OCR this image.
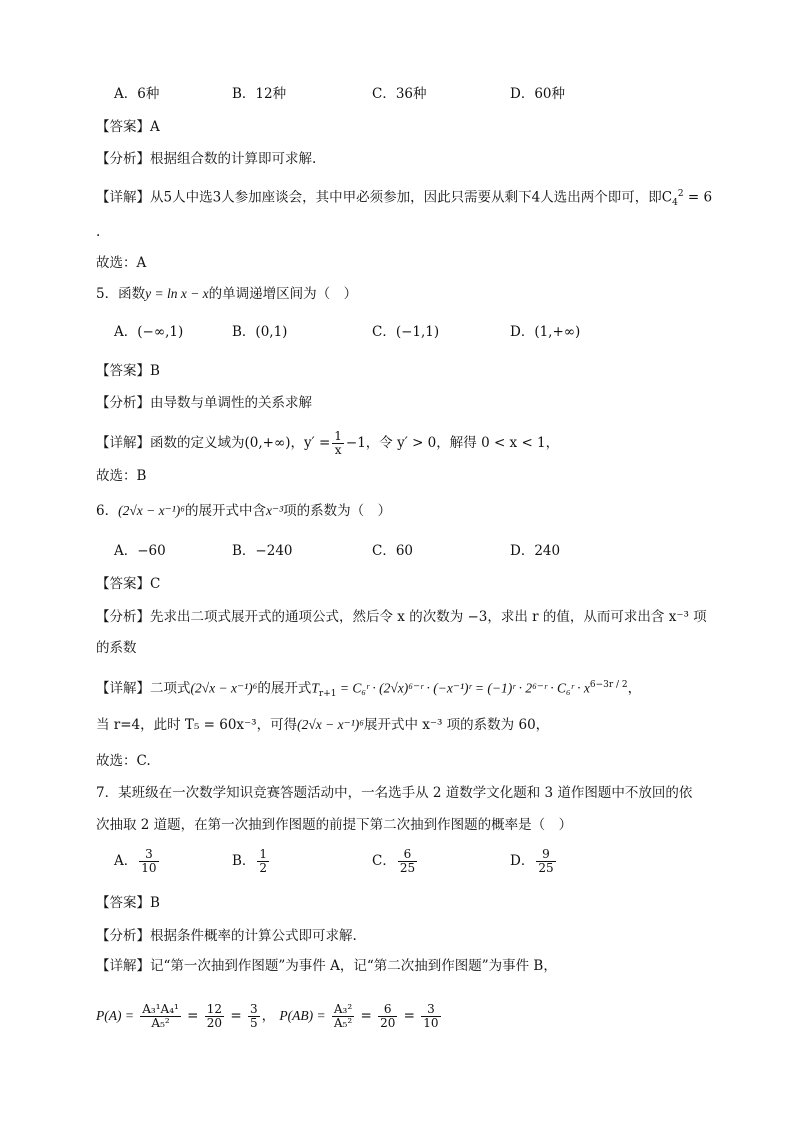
A．6种	B．12种	C．36种	D．60种
【答案】A
【分析】根据组合数的计算即可求解.
【详解】从5人中选3人参加座谈会，其中甲必须参加，因此只需要从剩下4人选出两个即可，即$C_4^2 = 6$
.
故选：A
5．函数y = ln x − x的单调递增区间为（　）
A．(−∞,1)	B．(0,1)	C．(−1,1)	D．(1,+∞)
【答案】B
【分析】由导数与单调性的关系求解
【详解】函数的定义域为(0,+∞)，$y' = \frac{1}{x} -1$，令 y′ > 0，解得 0 < x < 1，
故选：B
6．(2√x − x⁻¹)⁶的展开式中含x⁻³项的系数为（　）
A．−60	B．−240	C．60	D．240
【答案】C
【分析】先求出二项式展开式的通项公式，然后令 x 的次数为 −3，求出 r 的值，从而可求出含 x⁻³ 项
的系数
【详解】二项式(2√x − x⁻¹)⁶的展开式$T_{r+1}$ = C₆ʳ · (2√x)⁶⁻ʳ · (−x⁻¹)ʳ = (−1)ʳ · 2⁶⁻ʳ · C₆ʳ · $x^{6-3r / 2}$，
当 r=4，此时 T₅ = 60x⁻³，可得(2√x − x⁻¹)⁶展开式中 x⁻³ 项的系数为 60，
故选：C.
7．某班级在一次数学知识竞赛答题活动中，一名选手从 2 道数学文化题和 3 道作图题中不放回的依
次抽取 2 道题，在第一次抽到作图题的前提下第二次抽到作图题的概率是（　）
A． $\frac{3}{10}$	B． $\frac{1}{2}$	C． $\frac{6}{25}$	D． $\frac{9}{25}$
【答案】B
【分析】根据条件概率的计算公式即可求解.
【详解】记“第一次抽到作图题”为事件 A，记“第二次抽到作图题”为事件 B，
$P(A) = \frac{\text{A₃¹A₄¹}}{\text{A₅²}} = \frac{12}{20} = \frac{3}{5}$ ， $P(AB) = \frac{\text{A₃²}}{\text{A₅²}} = \frac{6}{20} = \frac{3}{10}$
